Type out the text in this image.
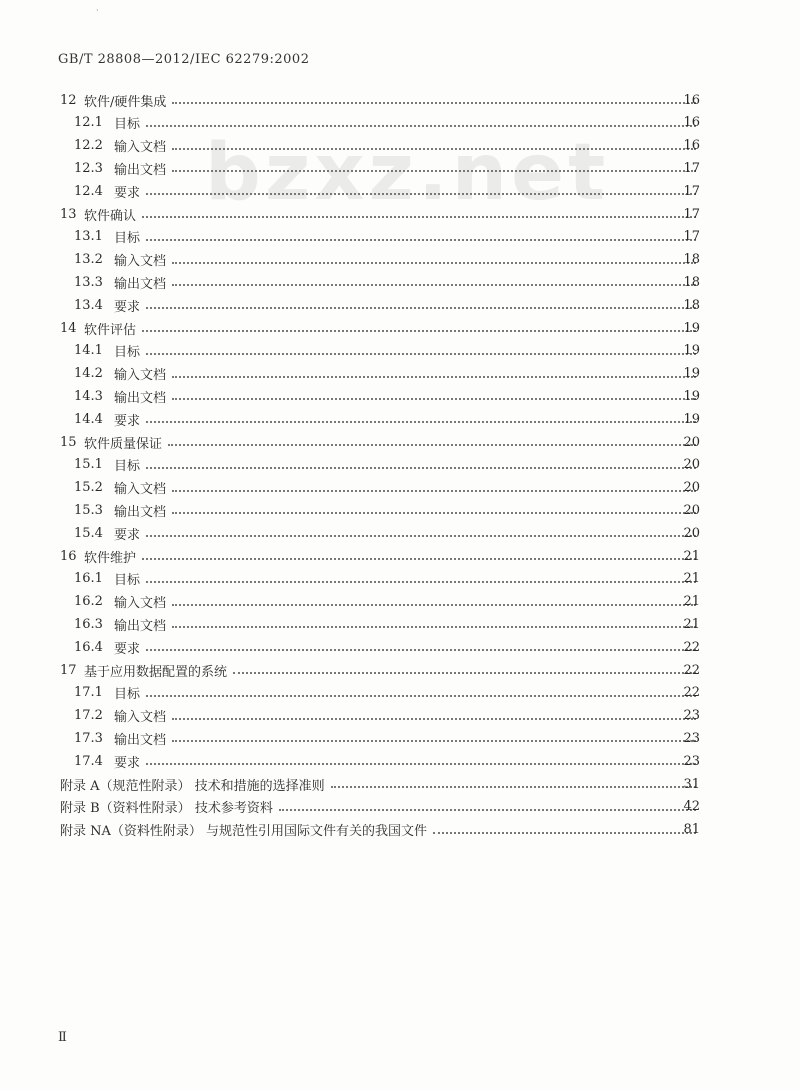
·
GB/T 28808—2012/IEC 62279:2002
bzxz.net
12 软件/硬件集成	16
12.1 目标	16
12.2 输入文档	16
12.3 输出文档	17
12.4 要求	17
13 软件确认	17
13.1 目标	17
13.2 输入文档	18
13.3 输出文档	18
13.4 要求	18
14 软件评估	19
14.1 目标	19
14.2 输入文档	19
14.3 输出文档	19
14.4 要求	19
15 软件质量保证	20
15.1 目标	20
15.2 输入文档	20
15.3 输出文档	20
15.4 要求	20
16 软件维护	21
16.1 目标	21
16.2 输入文档	21
16.3 输出文档	21
16.4 要求	22
17 基于应用数据配置的系统	22
17.1 目标	22
17.2 输入文档	23
17.3 输出文档	23
17.4 要求	23
附录 A（规范性附录） 技术和措施的选择准则	31
附录 B（资料性附录） 技术参考资料	42
附录 NA（资料性附录） 与规范性引用国际文件有关的我国文件	81
Ⅱ
